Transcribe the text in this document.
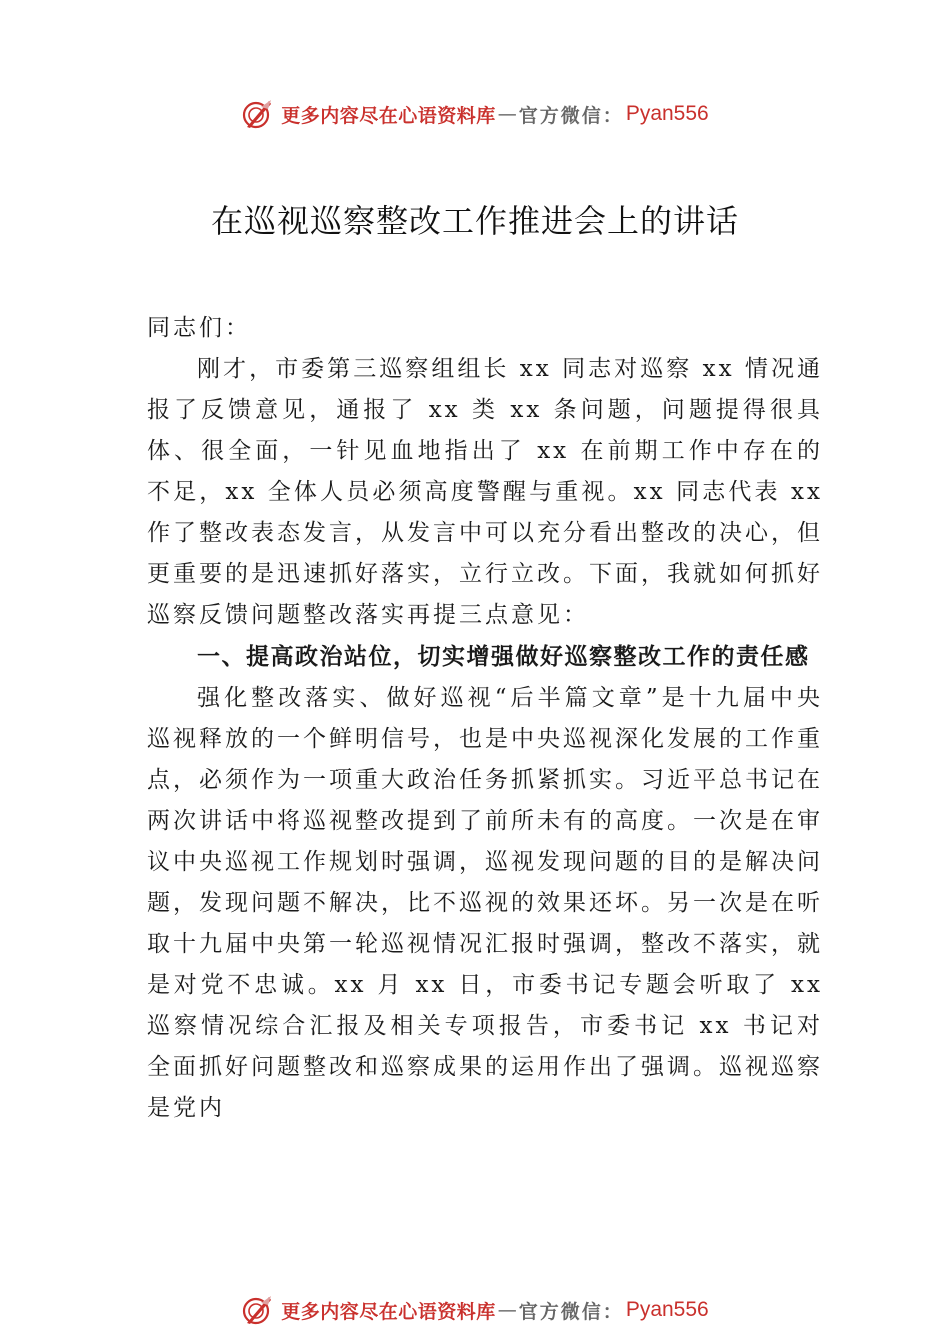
更多内容尽在心语资料库 — 官方微信： Pyan556
在巡视巡察整改工作推进会上的讲话

同志们：

刚才，市委第三巡察组组长 xx 同志对巡察 xx 情况通报了反馈意见，通报了 xx 类 xx 条问题，问题提得很具体、很全面，一针见血地指出了 xx 在前期工作中存在的不足，xx 全体人员必须高度警醒与重视。xx 同志代表 xx 作了整改表态发言，从发言中可以充分看出整改的决心，但更重要的是迅速抓好落实，立行立改。下面，我就如何抓好巡察反馈问题整改落实再提三点意见：

一、提高政治站位，切实增强做好巡察整改工作的责任感

强化整改落实、做好巡视“后半篇文章”是十九届中央巡视释放的一个鲜明信号，也是中央巡视深化发展的工作重点，必须作为一项重大政治任务抓紧抓实。习近平总书记在两次讲话中将巡视整改提到了前所未有的高度。一次是在审议中央巡视工作规划时强调，巡视发现问题的目的是解决问题，发现问题不解决，比不巡视的效果还坏。另一次是在听取十九届中央第一轮巡视情况汇报时强调，整改不落实，就是对党不忠诚。xx 月 xx 日，市委书记专题会听取了 xx 巡察情况综合汇报及相关专项报告，市委书记 xx 书记对全面抓好问题整改和巡察成果的运用作出了强调。巡视巡察是党内

更多内容尽在心语资料库 — 官方微信： Pyan556
